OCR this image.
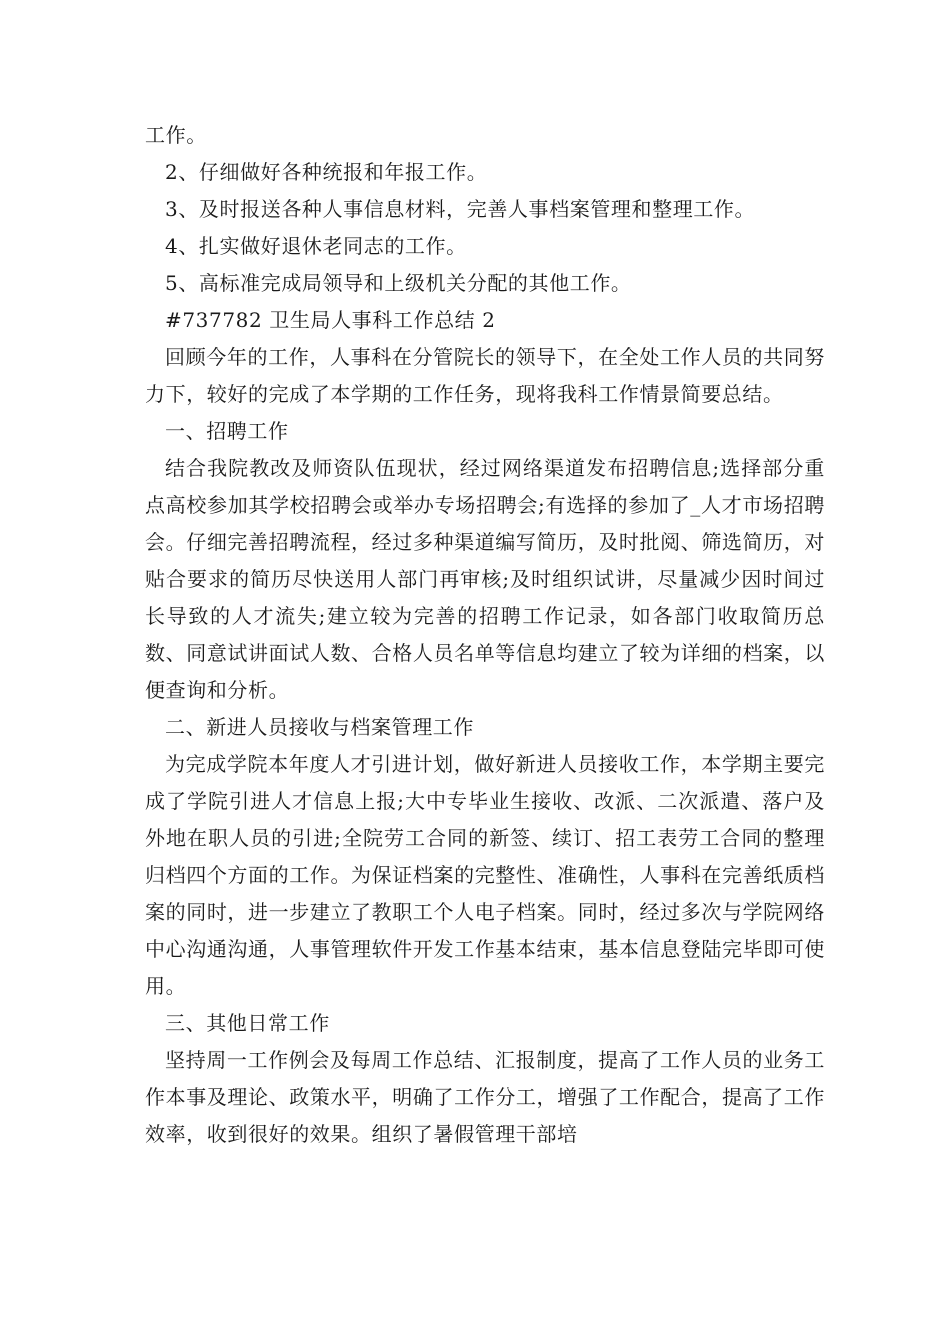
工作。

2、仔细做好各种统报和年报工作。

3、及时报送各种人事信息材料，完善人事档案管理和整理工作。

4、扎实做好退休老同志的工作。

5、高标准完成局领导和上级机关分配的其他工作。

#737782 卫生局人事科工作总结 2

回顾今年的工作，人事科在分管院长的领导下，在全处工作人员的共同努力下，较好的完成了本学期的工作任务，现将我科工作情景简要总结。

一、招聘工作

结合我院教改及师资队伍现状，经过网络渠道发布招聘信息;选择部分重点高校参加其学校招聘会或举办专场招聘会;有选择的参加了_人才市场招聘会。仔细完善招聘流程，经过多种渠道编写简历，及时批阅、筛选简历，对贴合要求的简历尽快送用人部门再审核;及时组织试讲，尽量减少因时间过长导致的人才流失;建立较为完善的招聘工作记录，如各部门收取简历总数、同意试讲面试人数、合格人员名单等信息均建立了较为详细的档案，以便查询和分析。

二、新进人员接收与档案管理工作

为完成学院本年度人才引进计划，做好新进人员接收工作，本学期主要完成了学院引进人才信息上报;大中专毕业生接收、改派、二次派遣、落户及外地在职人员的引进;全院劳工合同的新签、续订、招工表劳工合同的整理归档四个方面的工作。为保证档案的完整性、准确性，人事科在完善纸质档案的同时，进一步建立了教职工个人电子档案。同时，经过多次与学院网络中心沟通沟通，人事管理软件开发工作基本结束，基本信息登陆完毕即可使用。

三、其他日常工作

坚持周一工作例会及每周工作总结、汇报制度，提高了工作人员的业务工作本事及理论、政策水平，明确了工作分工，增强了工作配合，提高了工作效率，收到很好的效果。组织了暑假管理干部培
